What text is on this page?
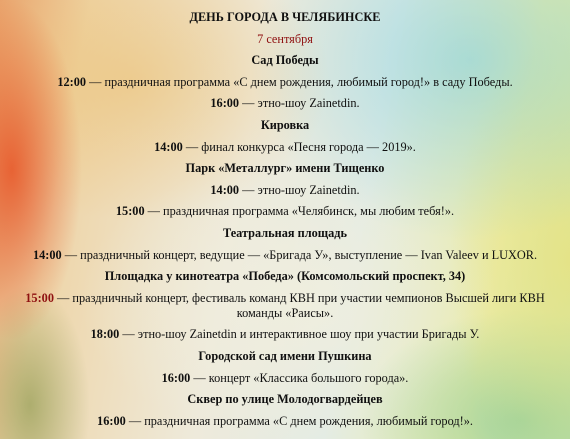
ДЕНЬ ГОРОДА В ЧЕЛЯБИНСКЕ
7 сентября
Сад Победы
12:00 — праздничная программа «С днем рождения, любимый город!» в саду Победы.
16:00 — этно-шоу Zainetdin.
Кировка
14:00 — финал конкурса «Песня города — 2019».
Парк «Металлург» имени Тищенко
14:00 — этно-шоу Zainetdin.
15:00 — праздничная программа «Челябинск, мы любим тебя!».
Театральная площадь
14:00 — праздничный концерт, ведущие — «Бригада У», выступление — Ivan Valeev и LUXOR.
Площадка у кинотеатра «Победа» (Комсомольский проспект, 34)
15:00 — праздничный концерт, фестиваль команд КВН при участии чемпионов Высшей лиги КВН команды «Раисы».
18:00 — этно-шоу Zainetdin и интерактивное шоу при участии Бригады У.
Городской сад имени Пушкина
16:00 — концерт «Классика большого города».
Сквер по улице Молодогвардейцев
16:00 — праздничная программа «С днем рождения, любимый город!».
